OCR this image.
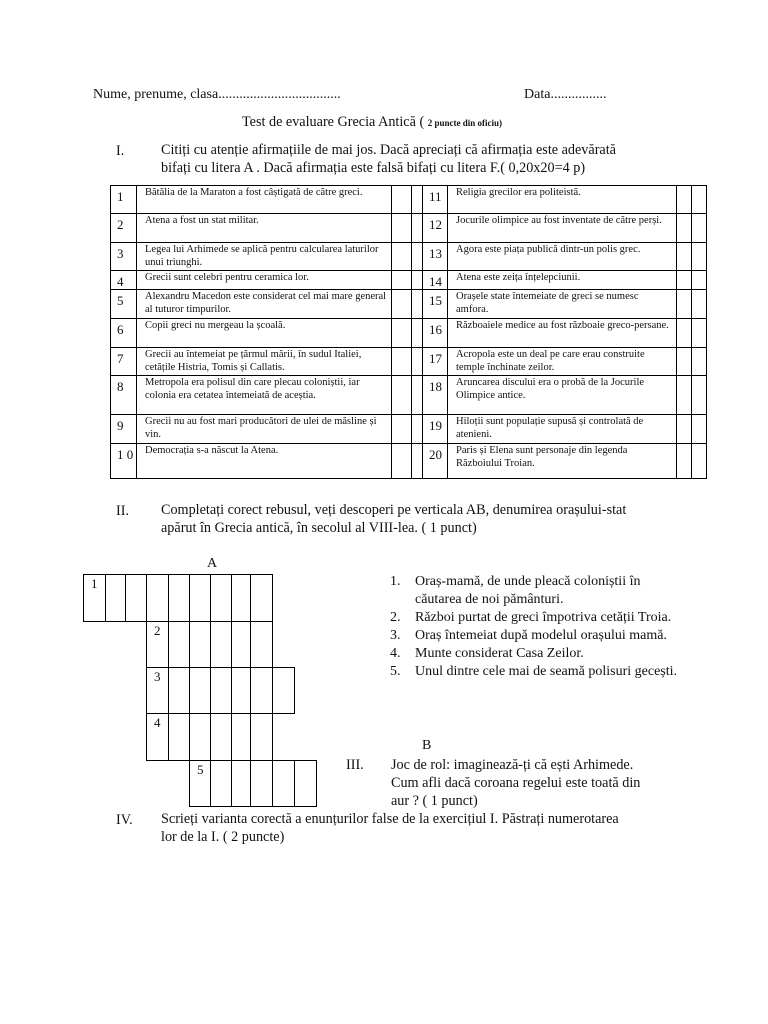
Nume, prenume, clasa...................................	Data................
Test de evaluare Grecia Antică ( 2 puncte din oficiu)
I.	Citiți cu atenție afirmațiile de mai jos. Dacă apreciați că afirmația este adevărată
bifați cu litera A . Dacă afirmația este falsă bifați cu litera F.( 0,20x20=4 p)
1	Bătălia de la Maraton a fost câștigată de către greci.			11	Religia grecilor era politeistă.		
2	Atena a fost un stat militar.			12	Jocurile olimpice au fost inventate de către perși.		
3	Legea lui Arhimede se aplică pentru calcularea laturilor unui triunghi.			13	Agora este piața publică dintr-un polis grec.		
4	Grecii sunt celebri pentru ceramica lor.			14	Atena este zeița înțelepciunii.		
5	Alexandru Macedon este considerat cel mai mare general al tuturor timpurilor.			15	Orașele state întemeiate de greci se numesc amfora.		
6	Copii greci nu mergeau la școală.			16	Războaiele medice au fost războaie greco-persane.		
7	Grecii au întemeiat pe țărmul mării, în sudul Italiei, cetățile Histria, Tomis și Callatis.			17	Acropola este un deal pe care erau construite temple închinate zeilor.		
8	Metropola era polisul din care plecau coloniștii, iar colonia era cetatea întemeiată de aceștia.			18	Aruncarea discului era o probă de la Jocurile Olimpice antice.		
9	Grecii nu au fost mari producători de ulei de măsline și vin.			19	Hiloții sunt populație supusă și controlată de atenieni.		
1 0	Democrația s-a născut la Atena.			20	Paris și Elena sunt personaje din legenda Războiului Troian.		
II. Completați corect rebusul, veți descoperi pe verticala AB, denumirea orașului-stat
apărut în Grecia antică, în secolul al VIII-lea. ( 1 punct)
A
1
2
3
4
5
1. Oraș-mamă, de unde pleacă coloniștii în căutarea de noi pământuri.
2. Război purtat de greci împotriva cetății Troia.
3. Oraș întemeiat după modelul orașului mamă.
4. Munte considerat Casa Zeilor.
5. Unul dintre cele mai de seamă polisuri gecești.
B
III. Joc de rol: imaginează-ți că ești Arhimede.
Cum afli dacă coroana regelui este toată din
aur ? ( 1 punct)
IV. Scrieți varianta corectă a enunțurilor false de la exercițiul I. Păstrați numerotarea
lor de la I. ( 2 puncte)
